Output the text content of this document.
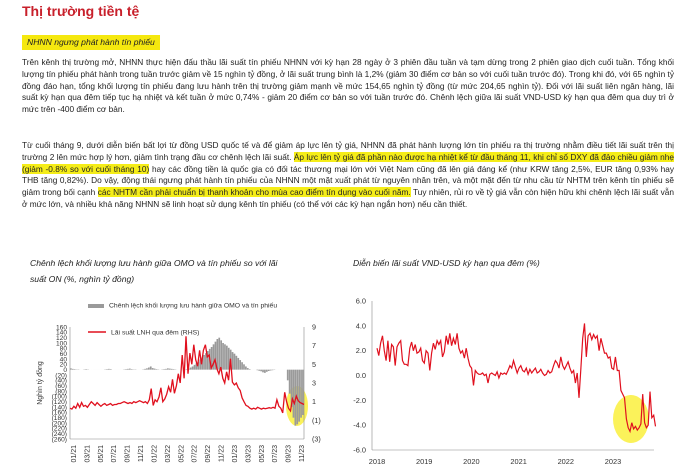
Thị trường tiền tệ
NHNN ngưng phát hành tín phiếu
Trên kênh thị trường mở, NHNN thực hiện đấu thầu lãi suất tín phiếu NHNN với kỳ hạn 28 ngày ở 3 phiên đầu tuần và tạm dừng trong 2 phiên giao dịch cuối tuần. Tổng khối lượng tín phiếu phát hành trong tuần trước giảm về 15 nghìn tỷ đồng, ở lãi suất trung bình là 1,2% (giảm 30 điểm cơ bản so với cuối tuần trước đó). Trong khi đó, với 65 nghìn tỷ đồng đáo hạn, tổng khối lượng tín phiếu đang lưu hành trên thị trường giảm mạnh về mức 154,65 nghìn tỷ đồng (từ mức 204,65 nghìn tỷ). Đối với lãi suất liên ngân hàng, lãi suất kỳ hạn qua đêm tiếp tục hạ nhiệt và kết tuần ở mức 0,74% - giảm 20 điểm cơ bản so với tuần trước đó. Chênh lệch giữa lãi suất VND-USD kỳ hạn qua đêm qua duy trì ở mức trên -400 điểm cơ bản.
Từ cuối tháng 9, dưới diễn biến bất lợi từ đồng USD quốc tế và để giảm áp lực lên tỷ giá, NHNN đã phát hành lượng lớn tín phiếu ra thị trường nhằm điều tiết lãi suất trên thị trường 2 lên mức hợp lý hơn, giảm tình trạng đầu cơ chênh lệch lãi suất. Áp lực lên tỷ giá đã phần nào được hạ nhiệt kể từ đầu tháng 11, khi chỉ số DXY đã đảo chiều giảm nhẹ (giảm -0.8% so với cuối tháng 10) hay các đồng tiền là quốc gia có đối tác thương mại lớn với Việt Nam cũng đã lên giá đáng kể (như KRW tăng 2,5%, EUR tăng 0,93% hay THB tăng 0,82%). Do vậy, động thái ngưng phát hành tín phiếu của NHNN một mặt xuất phát từ nguyên nhân trên, và một mặt đến từ nhu cầu từ NHTM trên kênh tín phiếu sẽ giảm trong bối cạnh các NHTM cần phải chuẩn bị thanh khoản cho mùa cao điểm tín dụng vào cuối năm. Tuy nhiên, rủi ro về tỷ giá vẫn còn hiện hữu khi chênh lệch lãi suất vẫn ở mức lớn, và nhiều khả năng NHNN sẽ linh hoạt sử dụng kênh tín phiếu (có thể với các kỳ hạn ngắn hơn) nếu cần thiết.
Chênh lệch khối lượng lưu hành giữa OMO và tín phiếu so với lãi suất ON (%, nghìn tỷ đồng)
160
140
120
100
80
60
40
20
0
(20)
(40)
(60)
(80)
(100)
(120)
(140)
(160)
(180)
(200)
(220)
(240)
(260)
9
7
5
3
1
(1)
(3)
Nghìn tỷ đồng
Chênh lệch khối lượng lưu hành giữa OMO và tín phiếu
Lãi suất LNH qua đêm (RHS)
01/21 03/21 05/21 07/21 09/21 11/21 01/22 03/22 05/22 07/22 09/22 11/22 01/23 03/23 05/23 07/23 09/23 11/23
Diễn biến lãi suất VND-USD kỳ hạn qua đêm (%)
6.0
4.0
2.0
0.0
-2.0
-4.0
-6.0
2018	2019	2020	2021	2022	2023
